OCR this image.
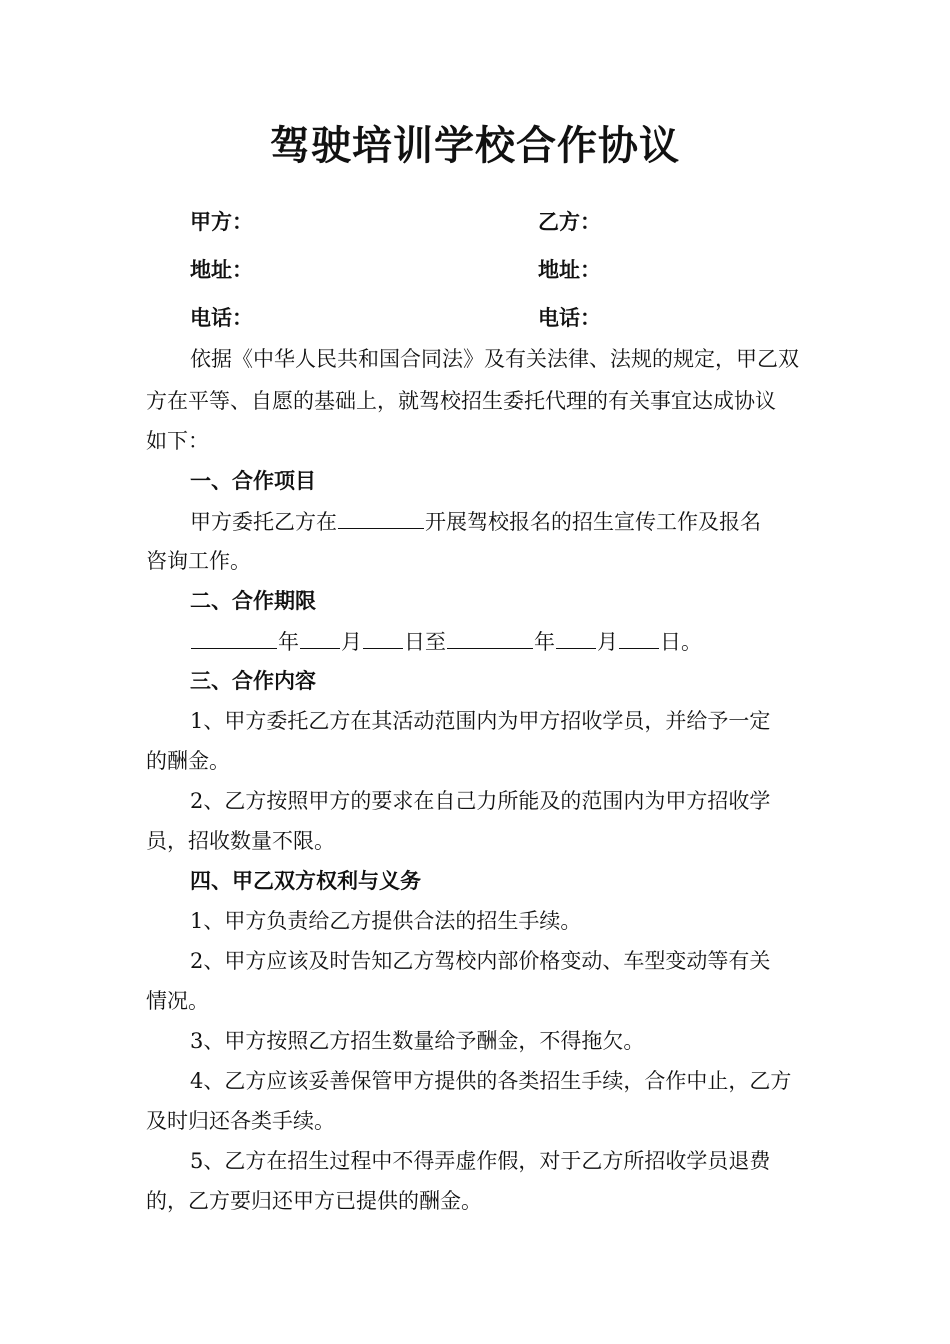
驾驶培训学校合作协议
甲方：	乙方：
地址：	地址：
电话：	电话：
依据《中华人民共和国合同法》及有关法律、法规的规定，甲乙双
方在平等、自愿的基础上，就驾校招生委托代理的有关事宜达成协议
如下：
一、合作项目
甲方委托乙方在	开展驾校报名的招生宣传工作及报名
咨询工作。
二、合作期限
年 月 日至	年 月 日。
三、合作内容
1、甲方委托乙方在其活动范围内为甲方招收学员，并给予一定
的酬金。
2、乙方按照甲方的要求在自己力所能及的范围内为甲方招收学
员，招收数量不限。
四、甲乙双方权利与义务
1、甲方负责给乙方提供合法的招生手续。
2、甲方应该及时告知乙方驾校内部价格变动、车型变动等有关
情况。
3、甲方按照乙方招生数量给予酬金，不得拖欠。
4、乙方应该妥善保管甲方提供的各类招生手续，合作中止，乙方
及时归还各类手续。
5、乙方在招生过程中不得弄虚作假，对于乙方所招收学员退费
的，乙方要归还甲方已提供的酬金。
